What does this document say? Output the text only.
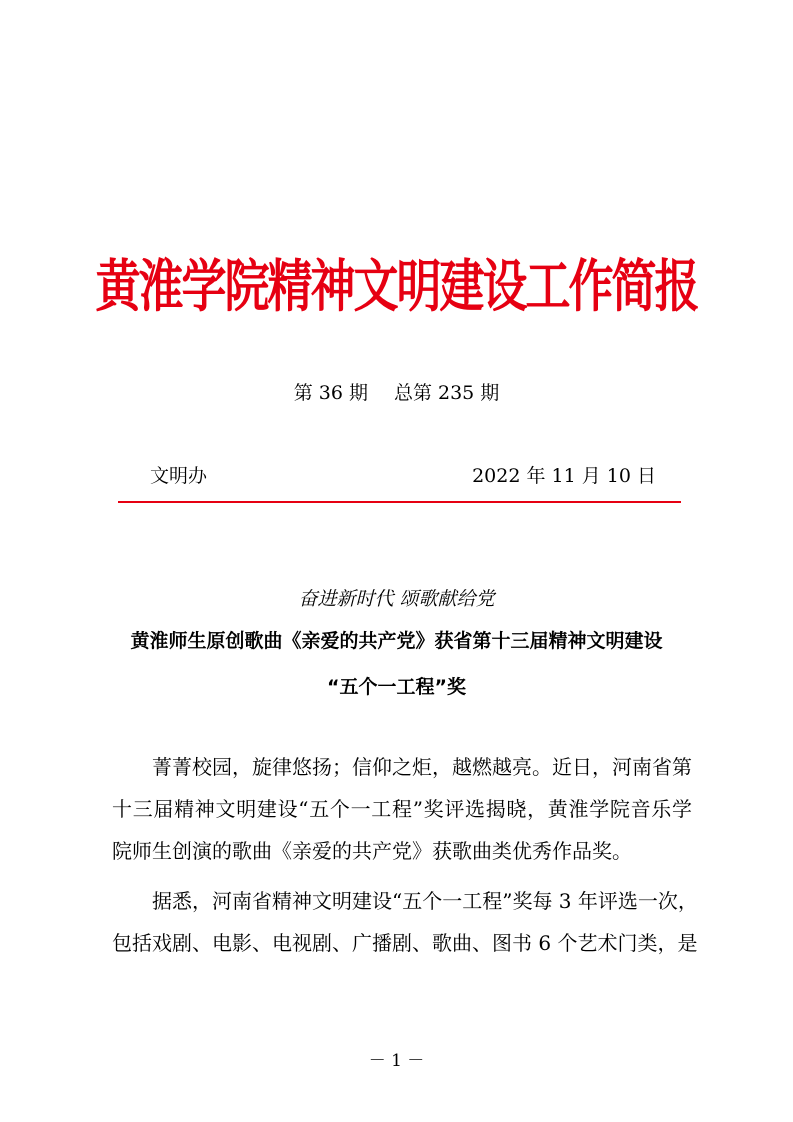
黄淮学院精神文明建设工作简报
第 36 期 总第 235 期
文明办	2022 年 11 月 10 日
奋进新时代 颂歌献给党
黄淮师生原创歌曲《亲爱的共产党》获省第十三届精神文明建设
“五个一工程”奖
菁菁校园，旋律悠扬；信仰之炬，越燃越亮。近日，河南省第
十三届精神文明建设“五个一工程”奖评选揭晓，黄淮学院音乐学
院师生创演的歌曲《亲爱的共产党》获歌曲类优秀作品奖。
据悉，河南省精神文明建设“五个一工程”奖每 3 年评选一次，
包括戏剧、电影、电视剧、广播剧、歌曲、图书 6 个艺术门类，是
－ 1 －
